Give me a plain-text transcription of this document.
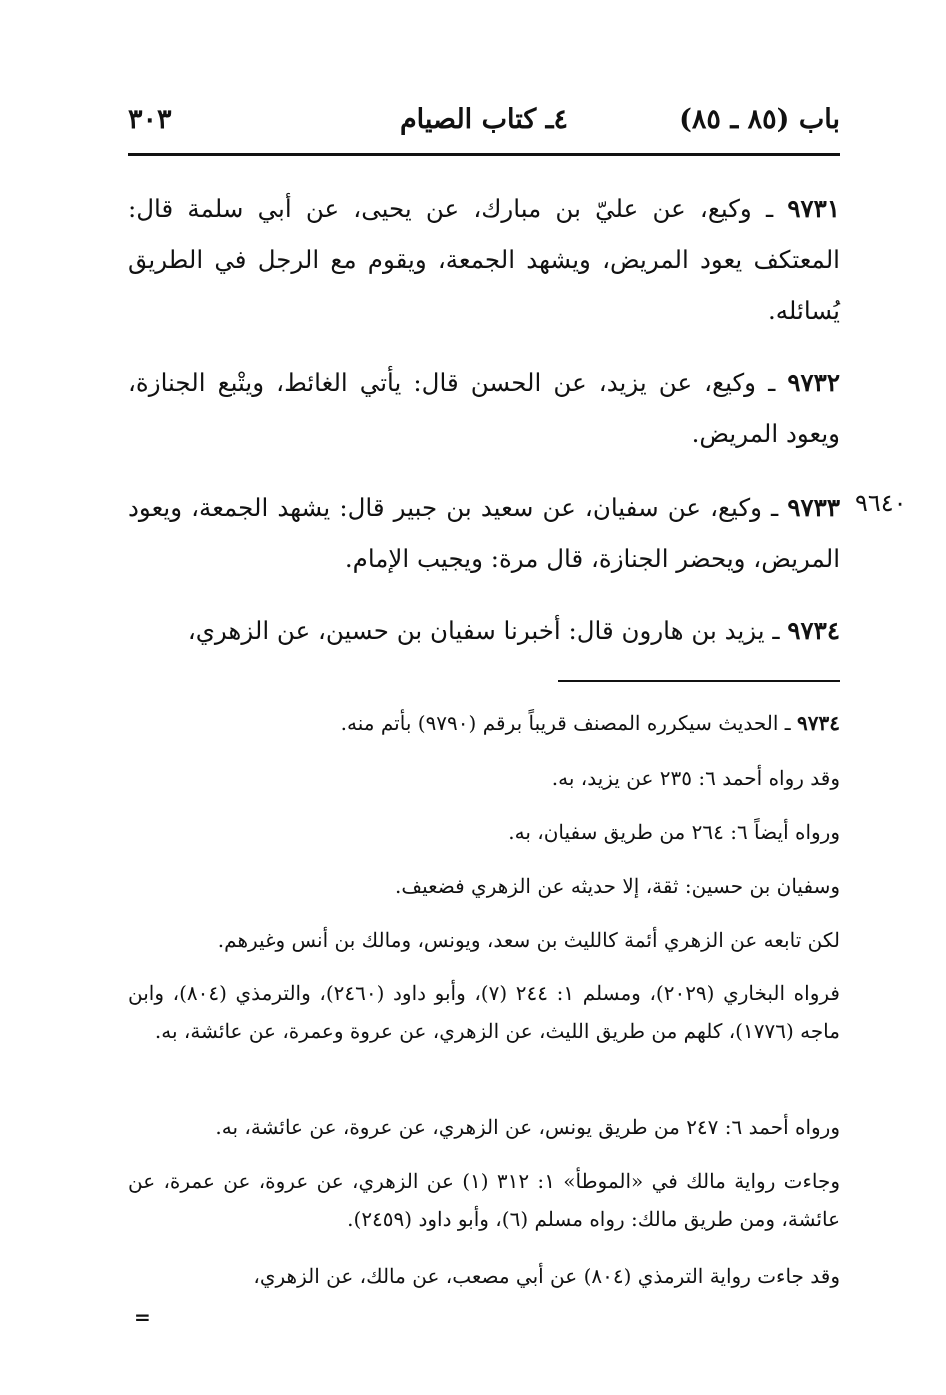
باب (٨٥ ـ ٨٥)
٤ـ كتاب الصيام
٣٠٣
٩٧٣١ ـ وكيع، عن عليّ بن مبارك، عن يحيى، عن أبي سلمة قال: المعتكف يعود المريض، ويشهد الجمعة، ويقوم مع الرجل في الطريق يُسائله.
٩٧٣٢ ـ وكيع، عن يزيد، عن الحسن قال: يأتي الغائط، ويتْبع الجنازة، ويعود المريض.
٩٦٤٠
٩٧٣٣ ـ وكيع، عن سفيان، عن سعيد بن جبير قال: يشهد الجمعة، ويعود المريض، ويحضر الجنازة، قال مرة: ويجيب الإمام.
٩٧٣٤ ـ يزيد بن هارون قال: أخبرنا سفيان بن حسين، عن الزهري،
٩٧٣٤ ـ الحديث سيكرره المصنف قريباً برقم (٩٧٩٠) بأتم منه.
وقد رواه أحمد ٦: ٢٣٥ عن يزيد، به.
ورواه أيضاً ٦: ٢٦٤ من طريق سفيان، به.
وسفيان بن حسين: ثقة، إلا حديثه عن الزهري فضعيف.
لكن تابعه عن الزهري أئمة كالليث بن سعد، ويونس، ومالك بن أنس وغيرهم.
فرواه البخاري (٢٠٢٩)، ومسلم ١: ٢٤٤ (٧)، وأبو داود (٢٤٦٠)، والترمذي (٨٠٤)، وابن ماجه (١٧٧٦)، كلهم من طريق الليث، عن الزهري، عن عروة وعمرة، عن عائشة، به.
ورواه أحمد ٦: ٢٤٧ من طريق يونس، عن الزهري، عن عروة، عن عائشة، به.
وجاءت رواية مالك في «الموطأ» ١: ٣١٢ (١) عن الزهري، عن عروة، عن عمرة، عن عائشة، ومن طريق مالك: رواه مسلم (٦)، وأبو داود (٢٤٥٩).
وقد جاءت رواية الترمذي (٨٠٤) عن أبي مصعب، عن مالك، عن الزهري،
=
